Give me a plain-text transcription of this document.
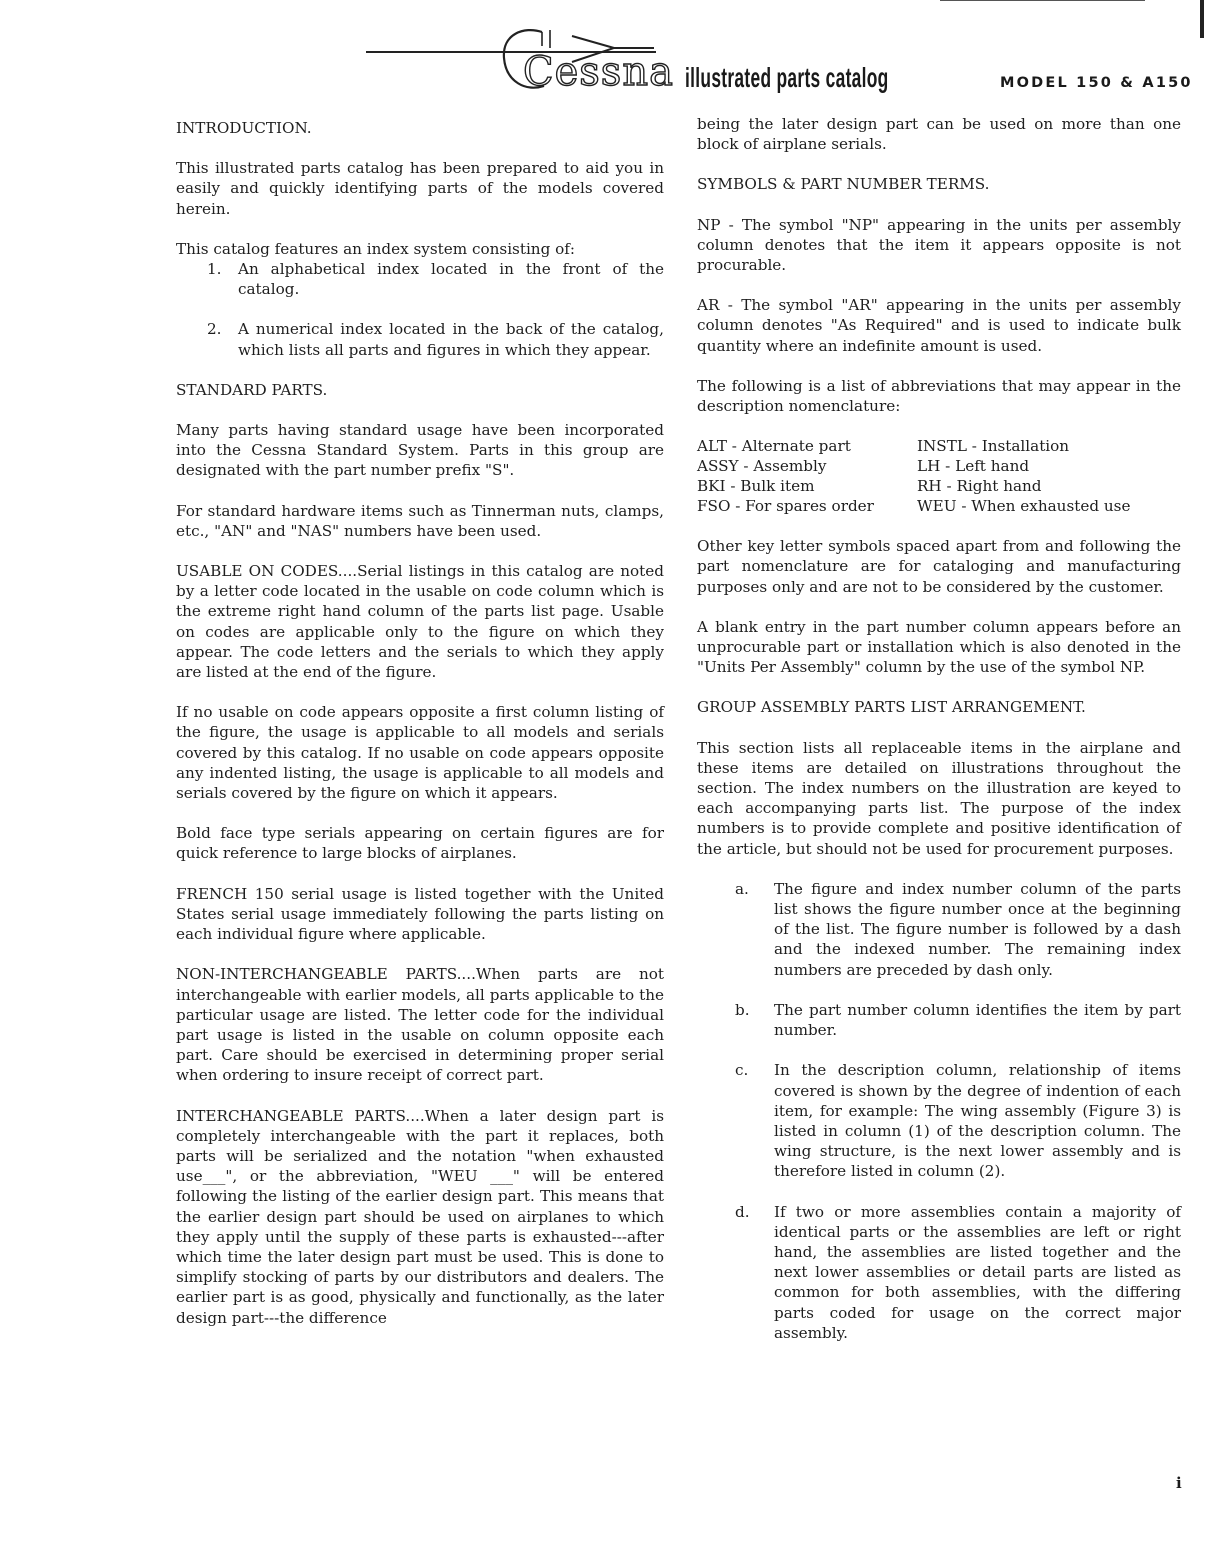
Cessna illustrated parts catalog	MODEL 150 & A150

INTRODUCTION.

This illustrated parts catalog has been prepared to aid you in easily and quickly identifying parts of the models covered herein.

This catalog features an index system consisting of:

1. An alphabetical index located in the front of the catalog.
2. A numerical index located in the back of the catalog, which lists all parts and figures in which they appear.

STANDARD PARTS.

Many parts having standard usage have been incorporated into the Cessna Standard System. Parts in this group are designated with the part number prefix "S".

For standard hardware items such as Tinnerman nuts, clamps, etc., "AN" and "NAS" numbers have been used.

USABLE ON CODES....Serial listings in this catalog are noted by a letter code located in the usable on code column which is the extreme right hand column of the parts list page. Usable on codes are applicable only to the figure on which they appear. The code letters and the serials to which they apply are listed at the end of the figure.

If no usable on code appears opposite a first column listing of the figure, the usage is applicable to all models and serials covered by this catalog. If no usable on code appears opposite any indented listing, the usage is applicable to all models and serials covered by the figure on which it appears.

Bold face type serials appearing on certain figures are for quick reference to large blocks of airplanes.

FRENCH 150 serial usage is listed together with the United States serial usage immediately following the parts listing on each individual figure where applicable.

NON-INTERCHANGEABLE PARTS....When parts are not interchangeable with earlier models, all parts applicable to the particular usage are listed. The letter code for the individual part usage is listed in the usable on column opposite each part. Care should be exercised in determining proper serial when ordering to insure receipt of correct part.

INTERCHANGEABLE PARTS....When a later design part is completely interchangeable with the part it replaces, both parts will be serialized and the notation "when exhausted use___", or the abbreviation, "WEU ___" will be entered following the listing of the earlier design part. This means that the earlier design part should be used on airplanes to which they apply until the supply of these parts is exhausted---after which time the later design part must be used. This is done to simplify stocking of parts by our distributors and dealers. The earlier part is as good, physically and functionally, as the later design part---the difference

being the later design part can be used on more than one block of airplane serials.

SYMBOLS & PART NUMBER TERMS.

NP - The symbol "NP" appearing in the units per assembly column denotes that the item it appears opposite is not procurable.

AR - The symbol "AR" appearing in the units per assembly column denotes "As Required" and is used to indicate bulk quantity where an indefinite amount is used.

The following is a list of abbreviations that may appear in the description nomenclature:

ALT - Alternate part	INSTL - Installation
ASSY - Assembly	LH - Left hand
BKI - Bulk item	RH - Right hand
FSO - For spares order	WEU - When exhausted use

Other key letter symbols spaced apart from and following the part nomenclature are for cataloging and manufacturing purposes only and are not to be considered by the customer.

A blank entry in the part number column appears before an unprocurable part or installation which is also denoted in the "Units Per Assembly" column by the use of the symbol NP.

GROUP ASSEMBLY PARTS LIST ARRANGEMENT.

This section lists all replaceable items in the airplane and these items are detailed on illustrations throughout the section. The index numbers on the illustration are keyed to each accompanying parts list. The purpose of the index numbers is to provide complete and positive identification of the article, but should not be used for procurement purposes.

a. The figure and index number column of the parts list shows the figure number once at the beginning of the list. The figure number is followed by a dash and the indexed number. The remaining index numbers are preceded by dash only.
b. The part number column identifies the item by part number.
c. In the description column, relationship of items covered is shown by the degree of indention of each item, for example: The wing assembly (Figure 3) is listed in column (1) of the description column. The wing structure, is the next lower assembly and is therefore listed in column (2).
d. If two or more assemblies contain a majority of identical parts or the assemblies are left or right hand, the assemblies are listed together and the next lower assemblies or detail parts are listed as common for both assemblies, with the differing parts coded for usage on the correct major assembly.
i
